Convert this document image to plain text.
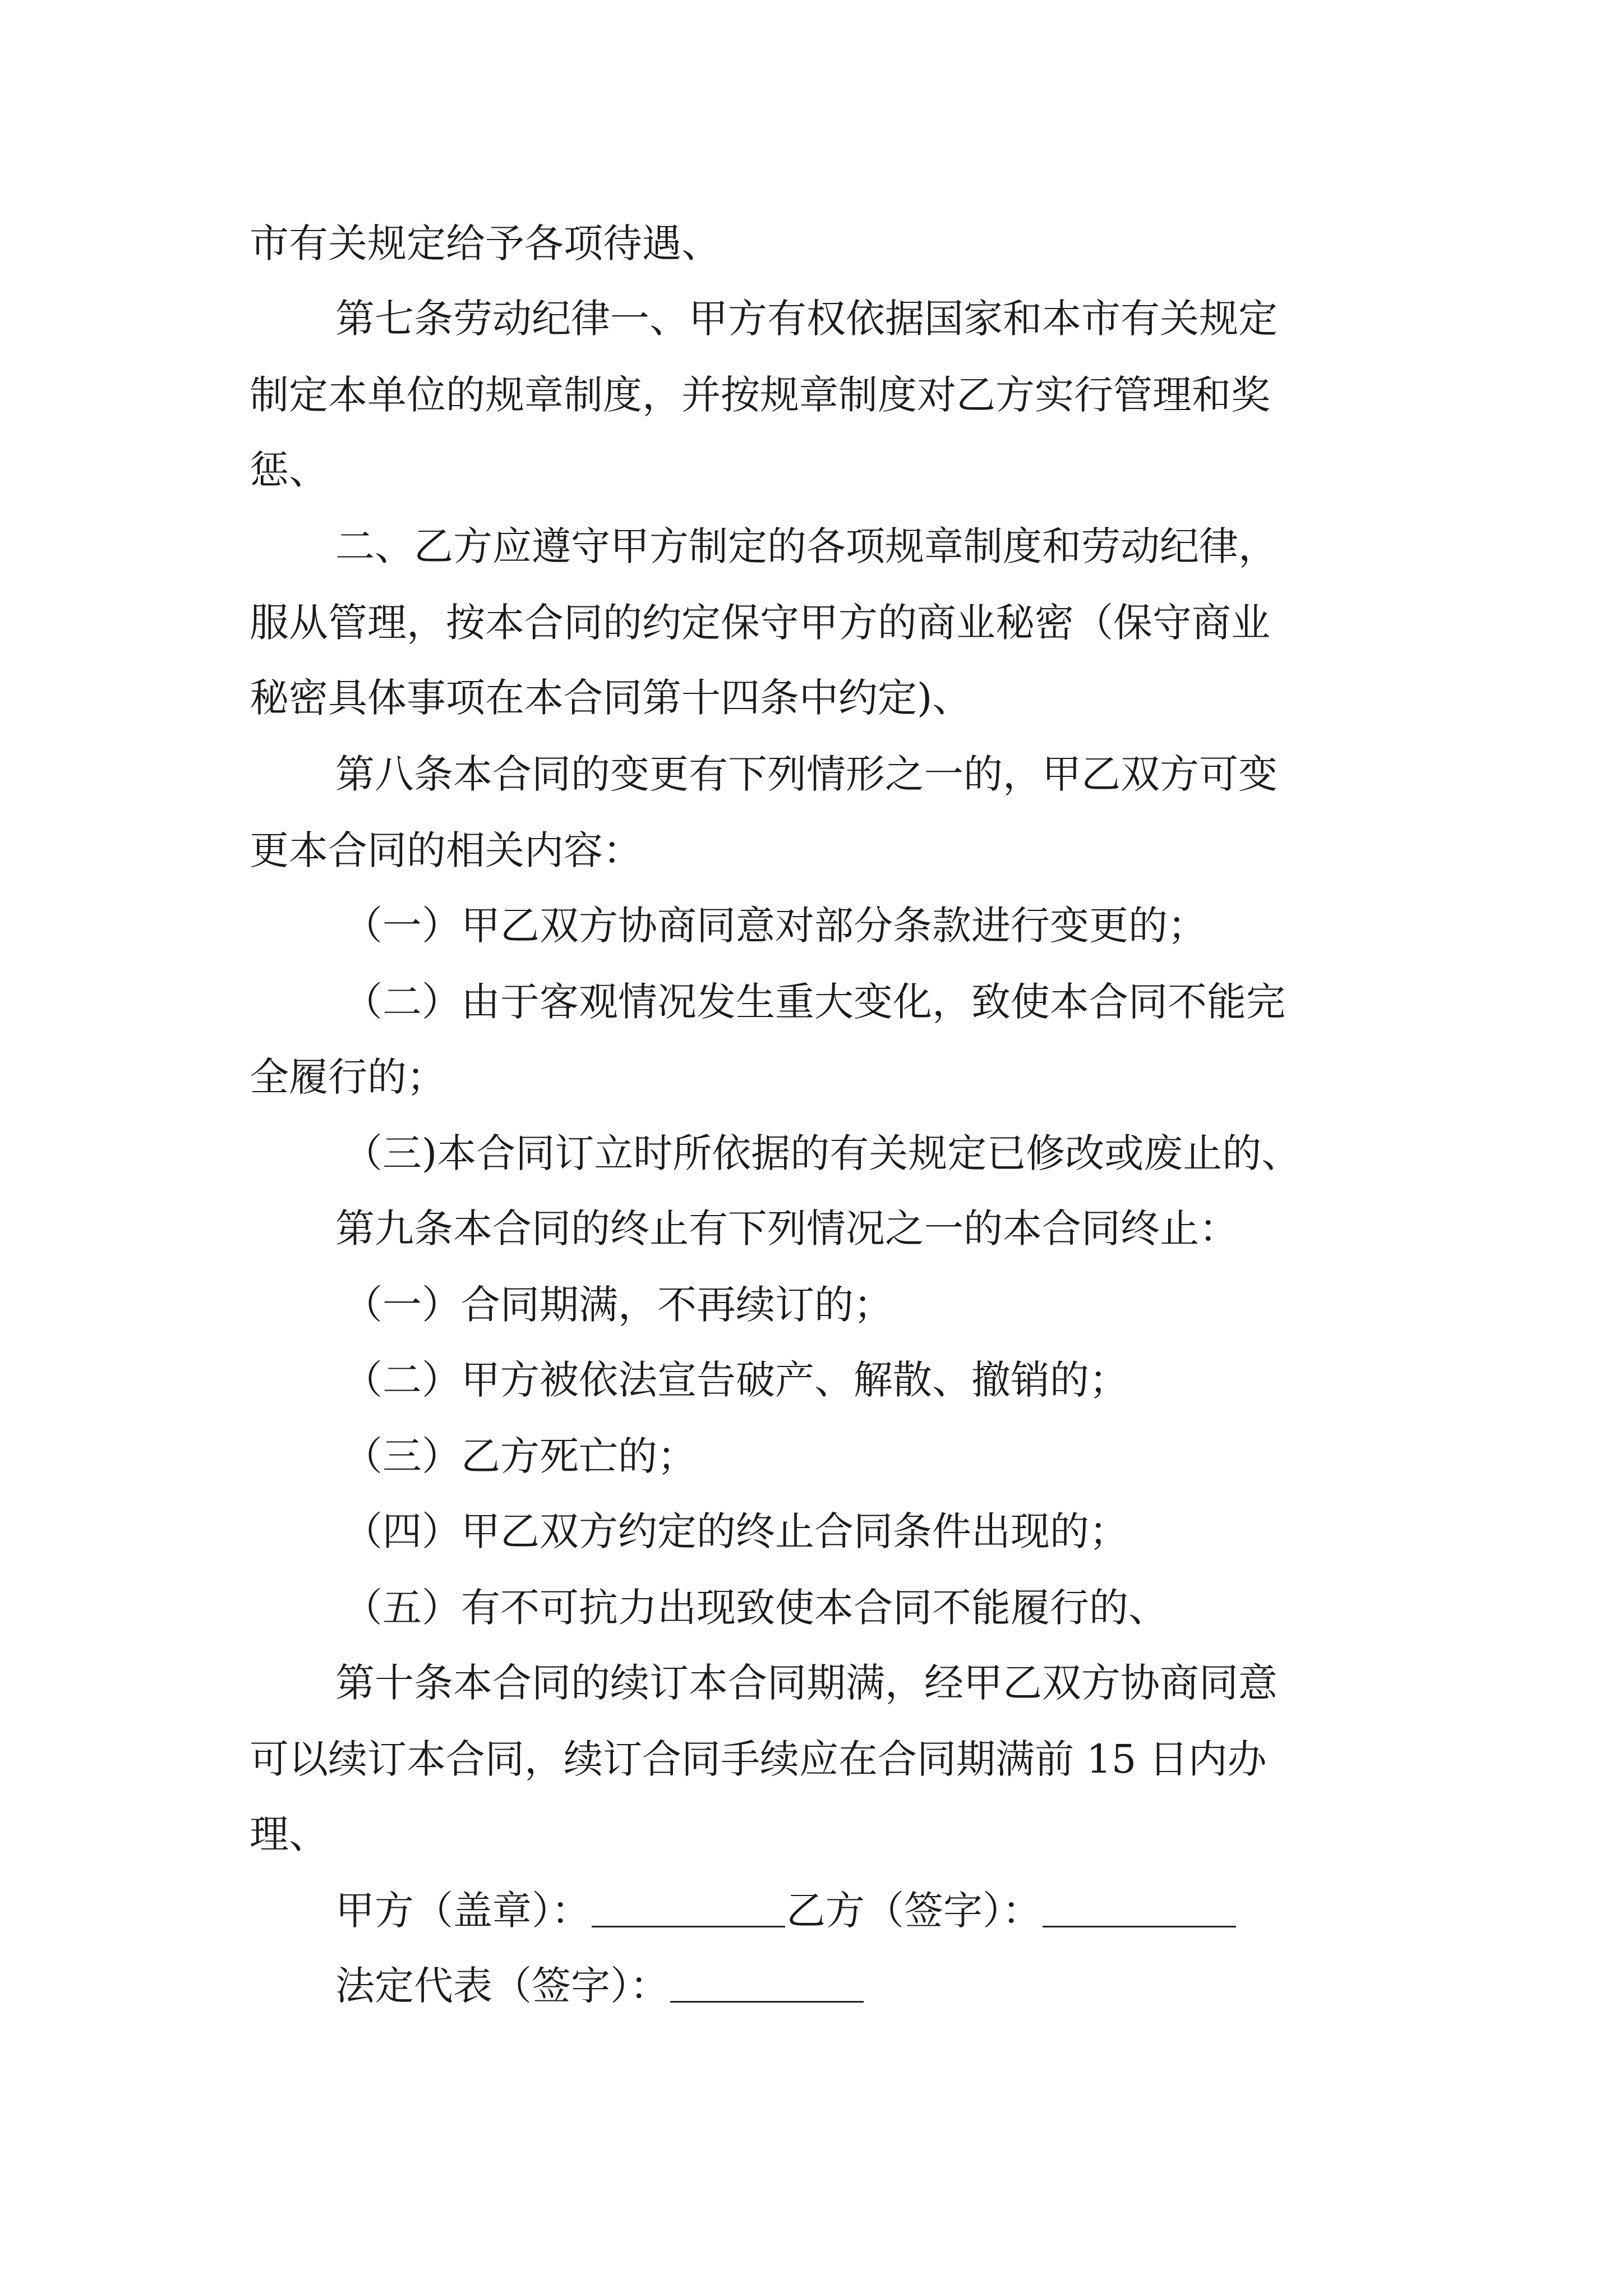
市有关规定给予各项待遇、
第七条劳动纪律一、甲方有权依据国家和本市有关规定
制定本单位的规章制度，并按规章制度对乙方实行管理和奖
惩、
二、乙方应遵守甲方制定的各项规章制度和劳动纪律，
服从管理，按本合同的约定保守甲方的商业秘密（保守商业
秘密具体事项在本合同第十四条中约定)、
第八条本合同的变更有下列情形之一的，甲乙双方可变
更本合同的相关内容：
（一）甲乙双方协商同意对部分条款进行变更的；
（二）由于客观情况发生重大变化，致使本合同不能完
全履行的；
（三)本合同订立时所依据的有关规定已修改或废止的、
第九条本合同的终止有下列情况之一的本合同终止：
（一）合同期满，不再续订的；
（二）甲方被依法宣告破产、解散、撤销的；
（三）乙方死亡的；
（四）甲乙双方约定的终止合同条件出现的；
（五）有不可抗力出现致使本合同不能履行的、
第十条本合同的续订本合同期满，经甲乙双方协商同意
可以续订本合同，续订合同手续应在合同期满前 15 日内办
理、
甲方（盖章）：	乙方（签字）：
法定代表（签字）：
